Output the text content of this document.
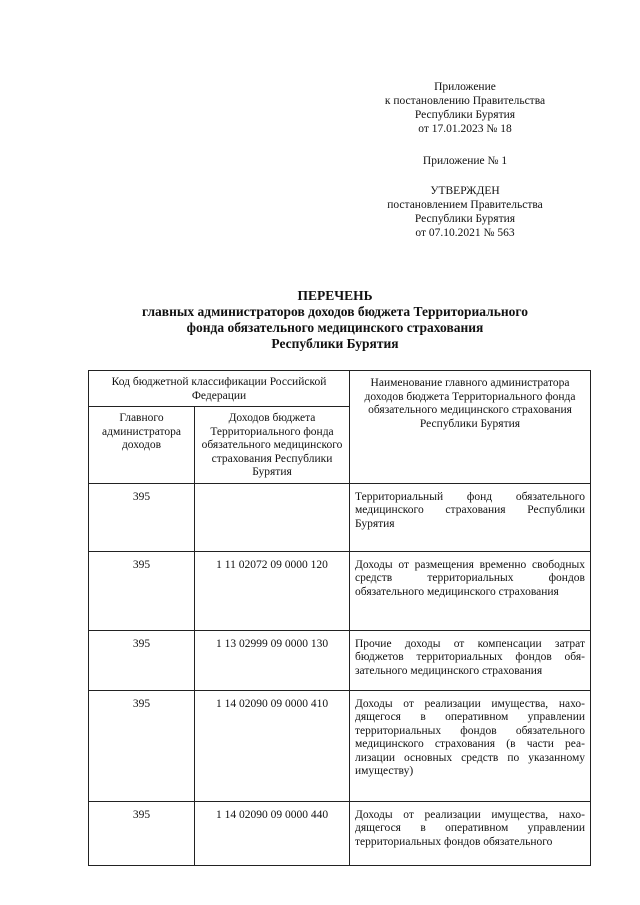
Приложение
к постановлению Правительства
Республики Бурятия
от 17.01.2023 № 18
Приложение № 1
УТВЕРЖДЕН
постановлением Правительства
Республики Бурятия
от 07.10.2021 № 563
ПЕРЕЧЕНЬ
главных администраторов доходов бюджета Территориального
фонда обязательного медицинского страхования
Республики Бурятия
Код бюджетной классификации Российской Федерации		Наименование главного администратора доходов бюджета Территориального фонда обязательного медицинского страхования Республики Бурятия
Главного администратора доходов	Доходов бюджета Территориального фонда обязательного медицинского страхования Республики Бурятия	
395		Территориальный фонд обязательного медицинского страхования Республики Бурятия
395	1 11 02072 09 0000 120	Доходы от размещения временно свободных средств территориальных фондов обязательного медицинского страхования
395	1 13 02999 09 0000 130	Прочие доходы от компенсации затрат бюджетов территориальных фондов обязательного медицинского страхования
395	1 14 02090 09 0000 410	Доходы от реализации имущества, находящегося в оперативном управлении территориальных фондов обязательного медицинского страхования (в части реализации основных средств по указанному имуществу)
395	1 14 02090 09 0000 440	Доходы от реализации имущества, находящегося в оперативном управлении территориальных фондов обязательного
